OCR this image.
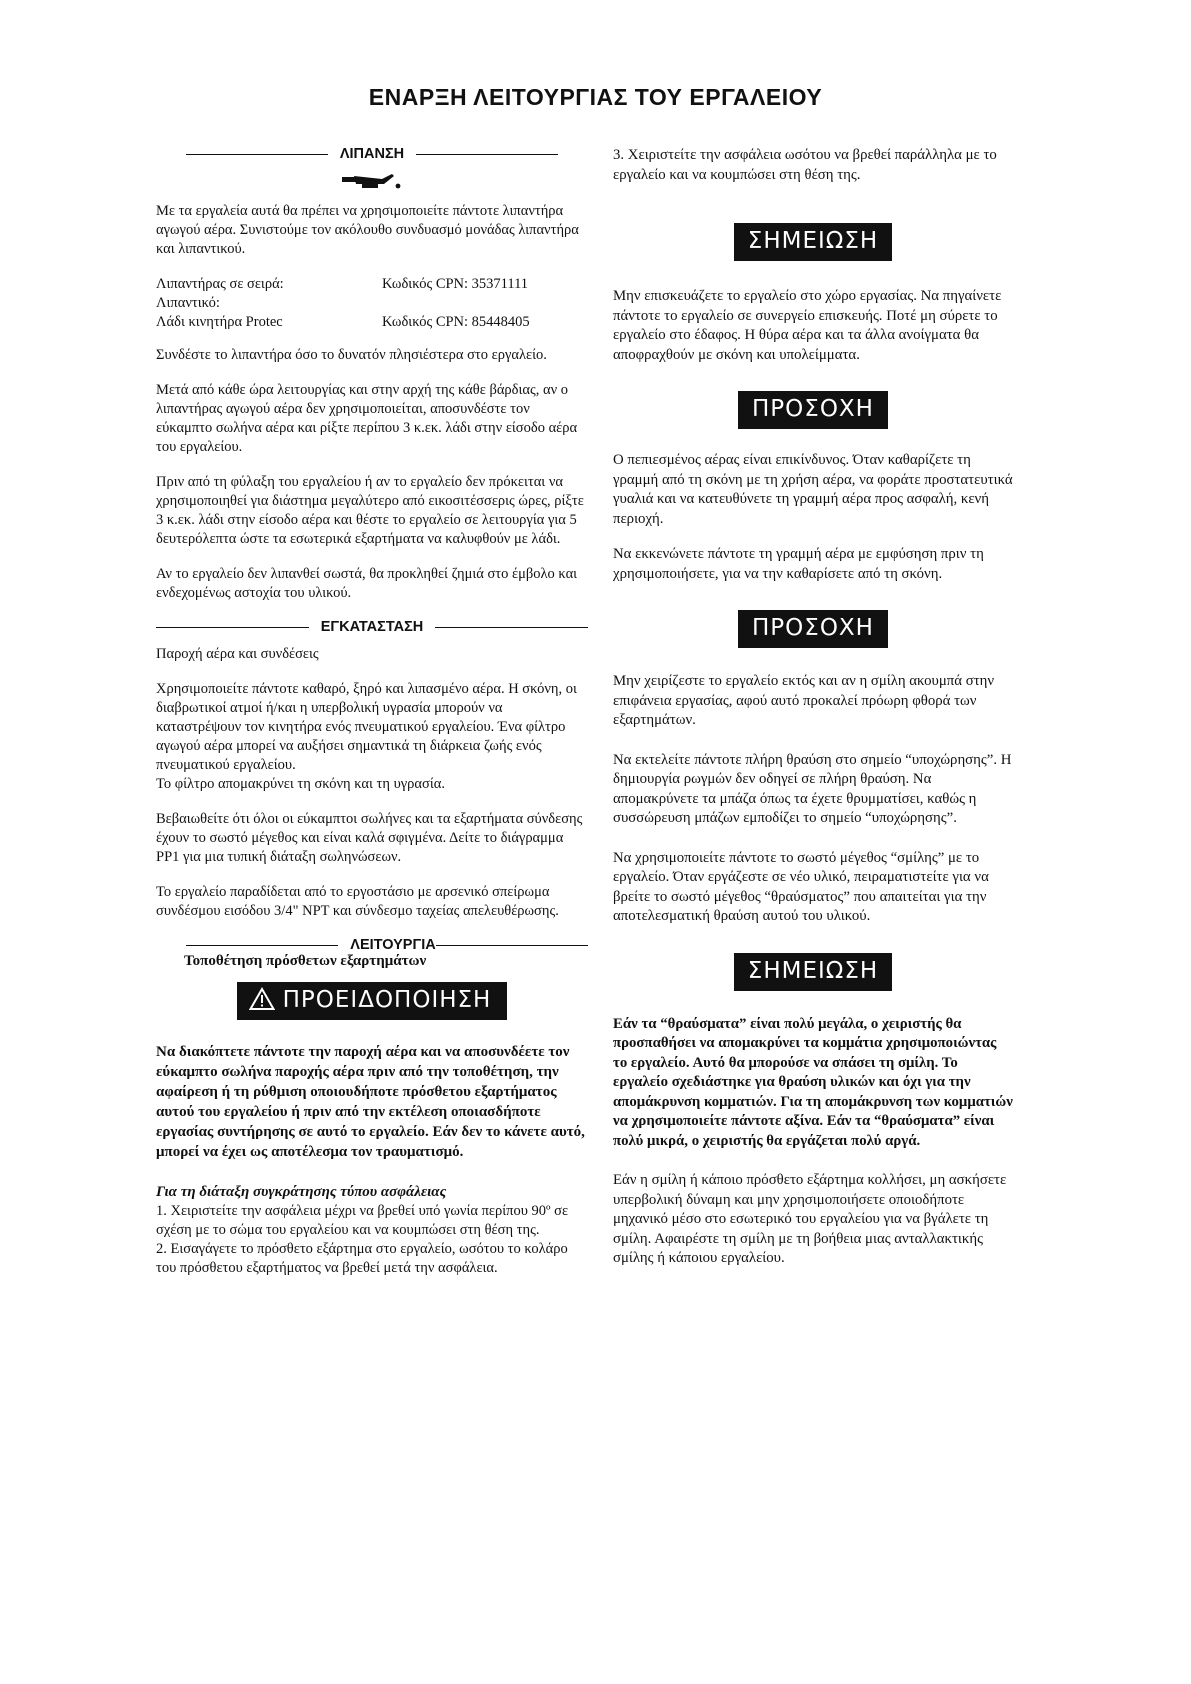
ΕΝΑΡΞΗ ΛΕΙΤΟΥΡΓΙΑΣ ΤΟΥ ΕΡΓΑΛΕΙΟΥ
ΛΙΠΑΝΣΗ

Με τα εργαλεία αυτά θα πρέπει να χρησιμοποιείτε πάντοτε λιπαντήρα αγωγού αέρα. Συνιστούμε τον ακόλουθο συνδυασμό μονάδας λιπαντήρα και λιπαντικού.

Λιπαντήρας σε σειρά:	Κωδικός CPN: 35371111
Λιπαντικό:	
Λάδι κινητήρα Protec	Κωδικός CPN: 85448405

Συνδέστε το λιπαντήρα όσο το δυνατόν πλησιέστερα στο εργαλείο.

Μετά από κάθε ώρα λειτουργίας και στην αρχή της κάθε βάρδιας, αν ο λιπαντήρας αγωγού αέρα δεν χρησιμοποιείται, αποσυνδέστε τον εύκαμπτο σωλήνα αέρα και ρίξτε περίπου 3 κ.εκ. λάδι στην είσοδο αέρα του εργαλείου.

Πριν από τη φύλαξη του εργαλείου ή αν το εργαλείο δεν πρόκειται να χρησιμοποιηθεί για διάστημα μεγαλύτερο από εικοσιτέσσερις ώρες, ρίξτε 3 κ.εκ. λάδι στην είσοδο αέρα και θέστε το εργαλείο σε λειτουργία για 5 δευτερόλεπτα ώστε τα εσωτερικά εξαρτήματα να καλυφθούν με λάδι.

Αν το εργαλείο δεν λιπανθεί σωστά, θα προκληθεί ζημιά στο έμβολο και ενδεχομένως αστοχία του υλικού.

ΕΓΚΑΤΑΣΤΑΣΗ

Παροχή αέρα και συνδέσεις

Χρησιμοποιείτε πάντοτε καθαρό, ξηρό και λιπασμένο αέρα. Η σκόνη, οι διαβρωτικοί ατμοί ή/και η υπερβολική υγρασία μπορούν να καταστρέψουν τον κινητήρα ενός πνευματικού εργαλείου. Ένα φίλτρο αγωγού αέρα μπορεί να αυξήσει σημαντικά τη διάρκεια ζωής ενός πνευματικού εργαλείου.

Το φίλτρο απομακρύνει τη σκόνη και τη υγρασία.

Βεβαιωθείτε ότι όλοι οι εύκαμπτοι σωλήνες και τα εξαρτήματα σύνδεσης έχουν το σωστό μέγεθος και είναι καλά σφιγμένα. Δείτε το διάγραμμα PP1 για μια τυπική διάταξη σωληνώσεων.

Το εργαλείο παραδίδεται από το εργοστάσιο με αρσενικό σπείρωμα συνδέσμου εισόδου 3/4" NPT και σύνδεσμο ταχείας απελευθέρωσης.

ΛΕΙΤΟΥΡΓΙΑ
Τοποθέτηση πρόσθετων εξαρτημάτων
ΠΡΟΕΙΔΟΠΟΙΗΣΗ

Να διακόπτετε πάντοτε την παροχή αέρα και να αποσυνδέετε τον εύκαμπτο σωλήνα παροχής αέρα πριν από την τοποθέτηση, την αφαίρεση ή τη ρύθμιση οποιουδήποτε πρόσθετου εξαρτήματος αυτού του εργαλείου ή πριν από την εκτέλεση οποιασδήποτε εργασίας συντήρησης σε αυτό το εργαλείο. Εάν δεν το κάνετε αυτό, μπορεί να έχει ως αποτέλεσμα τον τραυματισμό.

Για τη διάταξη συγκράτησης τύπου ασφάλειας

1. Χειριστείτε την ασφάλεια μέχρι να βρεθεί υπό γωνία περίπου 90º σε σχέση με το σώμα του εργαλείου και να κουμπώσει στη θέση της.

2. Εισαγάγετε το πρόσθετο εξάρτημα στο εργαλείο, ωσότου το κολάρο του πρόσθετου εξαρτήματος να βρεθεί μετά την ασφάλεια.

3. Χειριστείτε την ασφάλεια ωσότου να βρεθεί παράλληλα με το εργαλείο και να κουμπώσει στη θέση της.

ΣΗΜΕΙΩΣΗ

Μην επισκευάζετε το εργαλείο στο χώρο εργασίας. Να πηγαίνετε πάντοτε το εργαλείο σε συνεργείο επισκευής. Ποτέ μη σύρετε το εργαλείο στο έδαφος. Η θύρα αέρα και τα άλλα ανοίγματα θα αποφραχθούν με σκόνη και υπολείμματα.

ΠΡΟΣΟΧΗ

Ο πεπιεσμένος αέρας είναι επικίνδυνος. Όταν καθαρίζετε τη γραμμή από τη σκόνη με τη χρήση αέρα, να φοράτε προστατευτικά γυαλιά και να κατευθύνετε τη γραμμή αέρα προς ασφαλή, κενή περιοχή.

Να εκκενώνετε πάντοτε τη γραμμή αέρα με εμφύσηση πριν τη χρησιμοποιήσετε, για να την καθαρίσετε από τη σκόνη.

ΠΡΟΣΟΧΗ

Μην χειρίζεστε το εργαλείο εκτός και αν η σμίλη ακουμπά στην επιφάνεια εργασίας, αφού αυτό προκαλεί πρόωρη φθορά των εξαρτημάτων.

Να εκτελείτε πάντοτε πλήρη θραύση στο σημείο “υποχώρησης”. Η δημιουργία ρωγμών δεν οδηγεί σε πλήρη θραύση. Να απομακρύνετε τα μπάζα όπως τα έχετε θρυμματίσει, καθώς η συσσώρευση μπάζων εμποδίζει το σημείο “υποχώρησης”.

Να χρησιμοποιείτε πάντοτε το σωστό μέγεθος “σμίλης” με το εργαλείο. Όταν εργάζεστε σε νέο υλικό, πειραματιστείτε για να βρείτε το σωστό μέγεθος “θραύσματος” που απαιτείται για την αποτελεσματική θραύση αυτού του υλικού.

ΣΗΜΕΙΩΣΗ

Εάν τα “θραύσματα” είναι πολύ μεγάλα, ο χειριστής θα προσπαθήσει να απομακρύνει τα κομμάτια χρησιμοποιώντας το εργαλείο. Αυτό θα μπορούσε να σπάσει τη σμίλη. Το εργαλείο σχεδιάστηκε για θραύση υλικών και όχι για την απομάκρυνση κομματιών. Για τη απομάκρυνση των κομματιών να χρησιμοποιείτε πάντοτε αξίνα. Εάν τα “θραύσματα” είναι πολύ μικρά, ο χειριστής θα εργάζεται πολύ αργά.

Εάν η σμίλη ή κάποιο πρόσθετο εξάρτημα κολλήσει, μη ασκήσετε υπερβολική δύναμη και μην χρησιμοποιήσετε οποιοδήποτε μηχανικό μέσο στο εσωτερικό του εργαλείου για να βγάλετε τη σμίλη. Αφαιρέστε τη σμίλη με τη βοήθεια μιας ανταλλακτικής σμίλης ή κάποιου εργαλείου.
